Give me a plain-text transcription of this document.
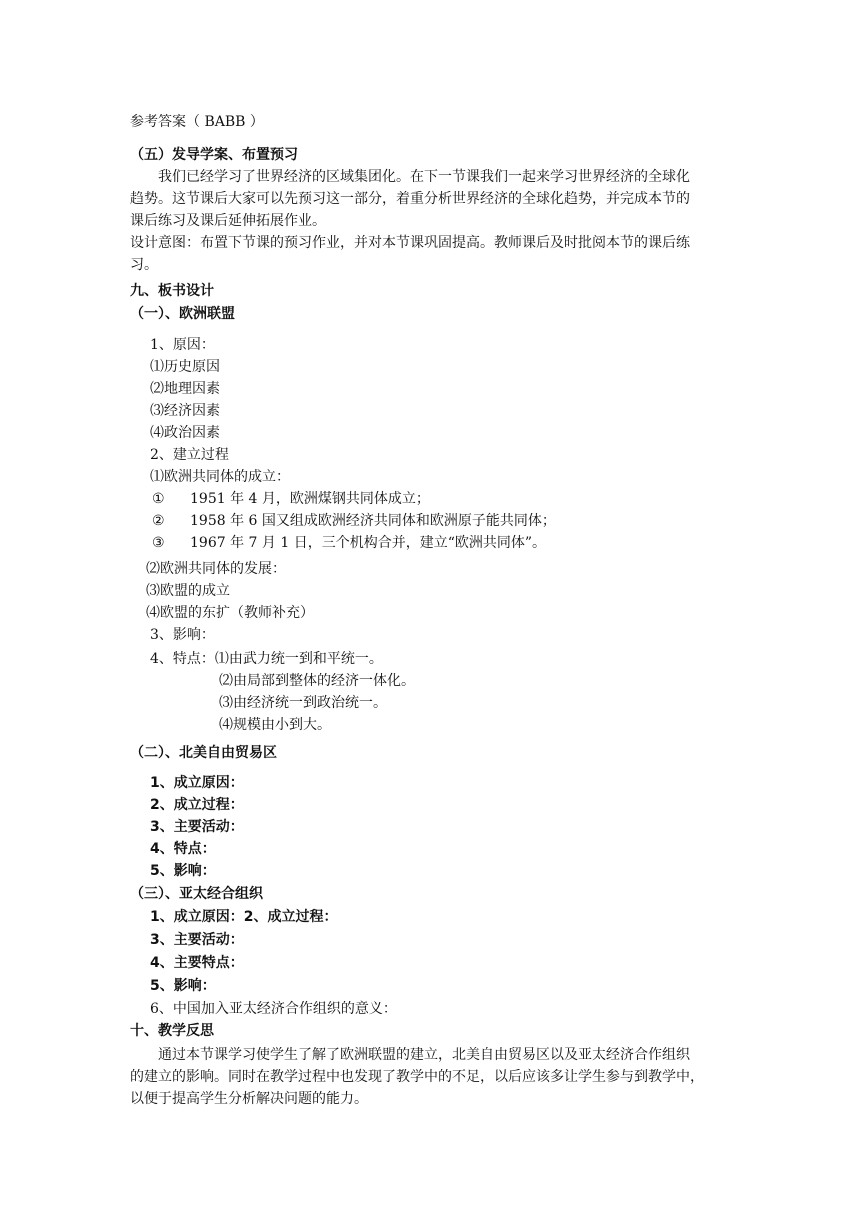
参考答案（ BABB ）
（五）发导学案、布置预习
我们已经学习了世界经济的区域集团化。在下一节课我们一起来学习世界经济的全球化
趋势。这节课后大家可以先预习这一部分，着重分析世界经济的全球化趋势，并完成本节的
课后练习及课后延伸拓展作业。
设计意图：布置下节课的预习作业，并对本节课巩固提高。教师课后及时批阅本节的课后练
习。
九、板书设计
（一）、欧洲联盟
1、原因：
⑴历史原因
⑵地理因素
⑶经济因素
⑷政治因素
2、建立过程
⑴欧洲共同体的成立：
① 1951 年 4 月，欧洲煤钢共同体成立；
② 1958 年 6 国又组成欧洲经济共同体和欧洲原子能共同体；
③ 1967 年 7 月 1 日，三个机构合并，建立“欧洲共同体”。
⑵欧洲共同体的发展：
⑶欧盟的成立
⑷欧盟的东扩（教师补充）
3、影响：
4、特点：⑴由武力统一到和平统一。
⑵由局部到整体的经济一体化。
⑶由经济统一到政治统一。
⑷规模由小到大。
（二）、北美自由贸易区
1、成立原因：
2、成立过程：
3、主要活动：
4、特点：
5、影响：
（三）、亚太经合组织
1、成立原因：2、成立过程：
3、主要活动：
4、主要特点：
5、影响：
6、中国加入亚太经济合作组织的意义：
十、教学反思
通过本节课学习使学生了解了欧洲联盟的建立，北美自由贸易区以及亚太经济合作组织
的建立的影响。同时在教学过程中也发现了教学中的不足，以后应该多让学生参与到教学中，
以便于提高学生分析解决问题的能力。
